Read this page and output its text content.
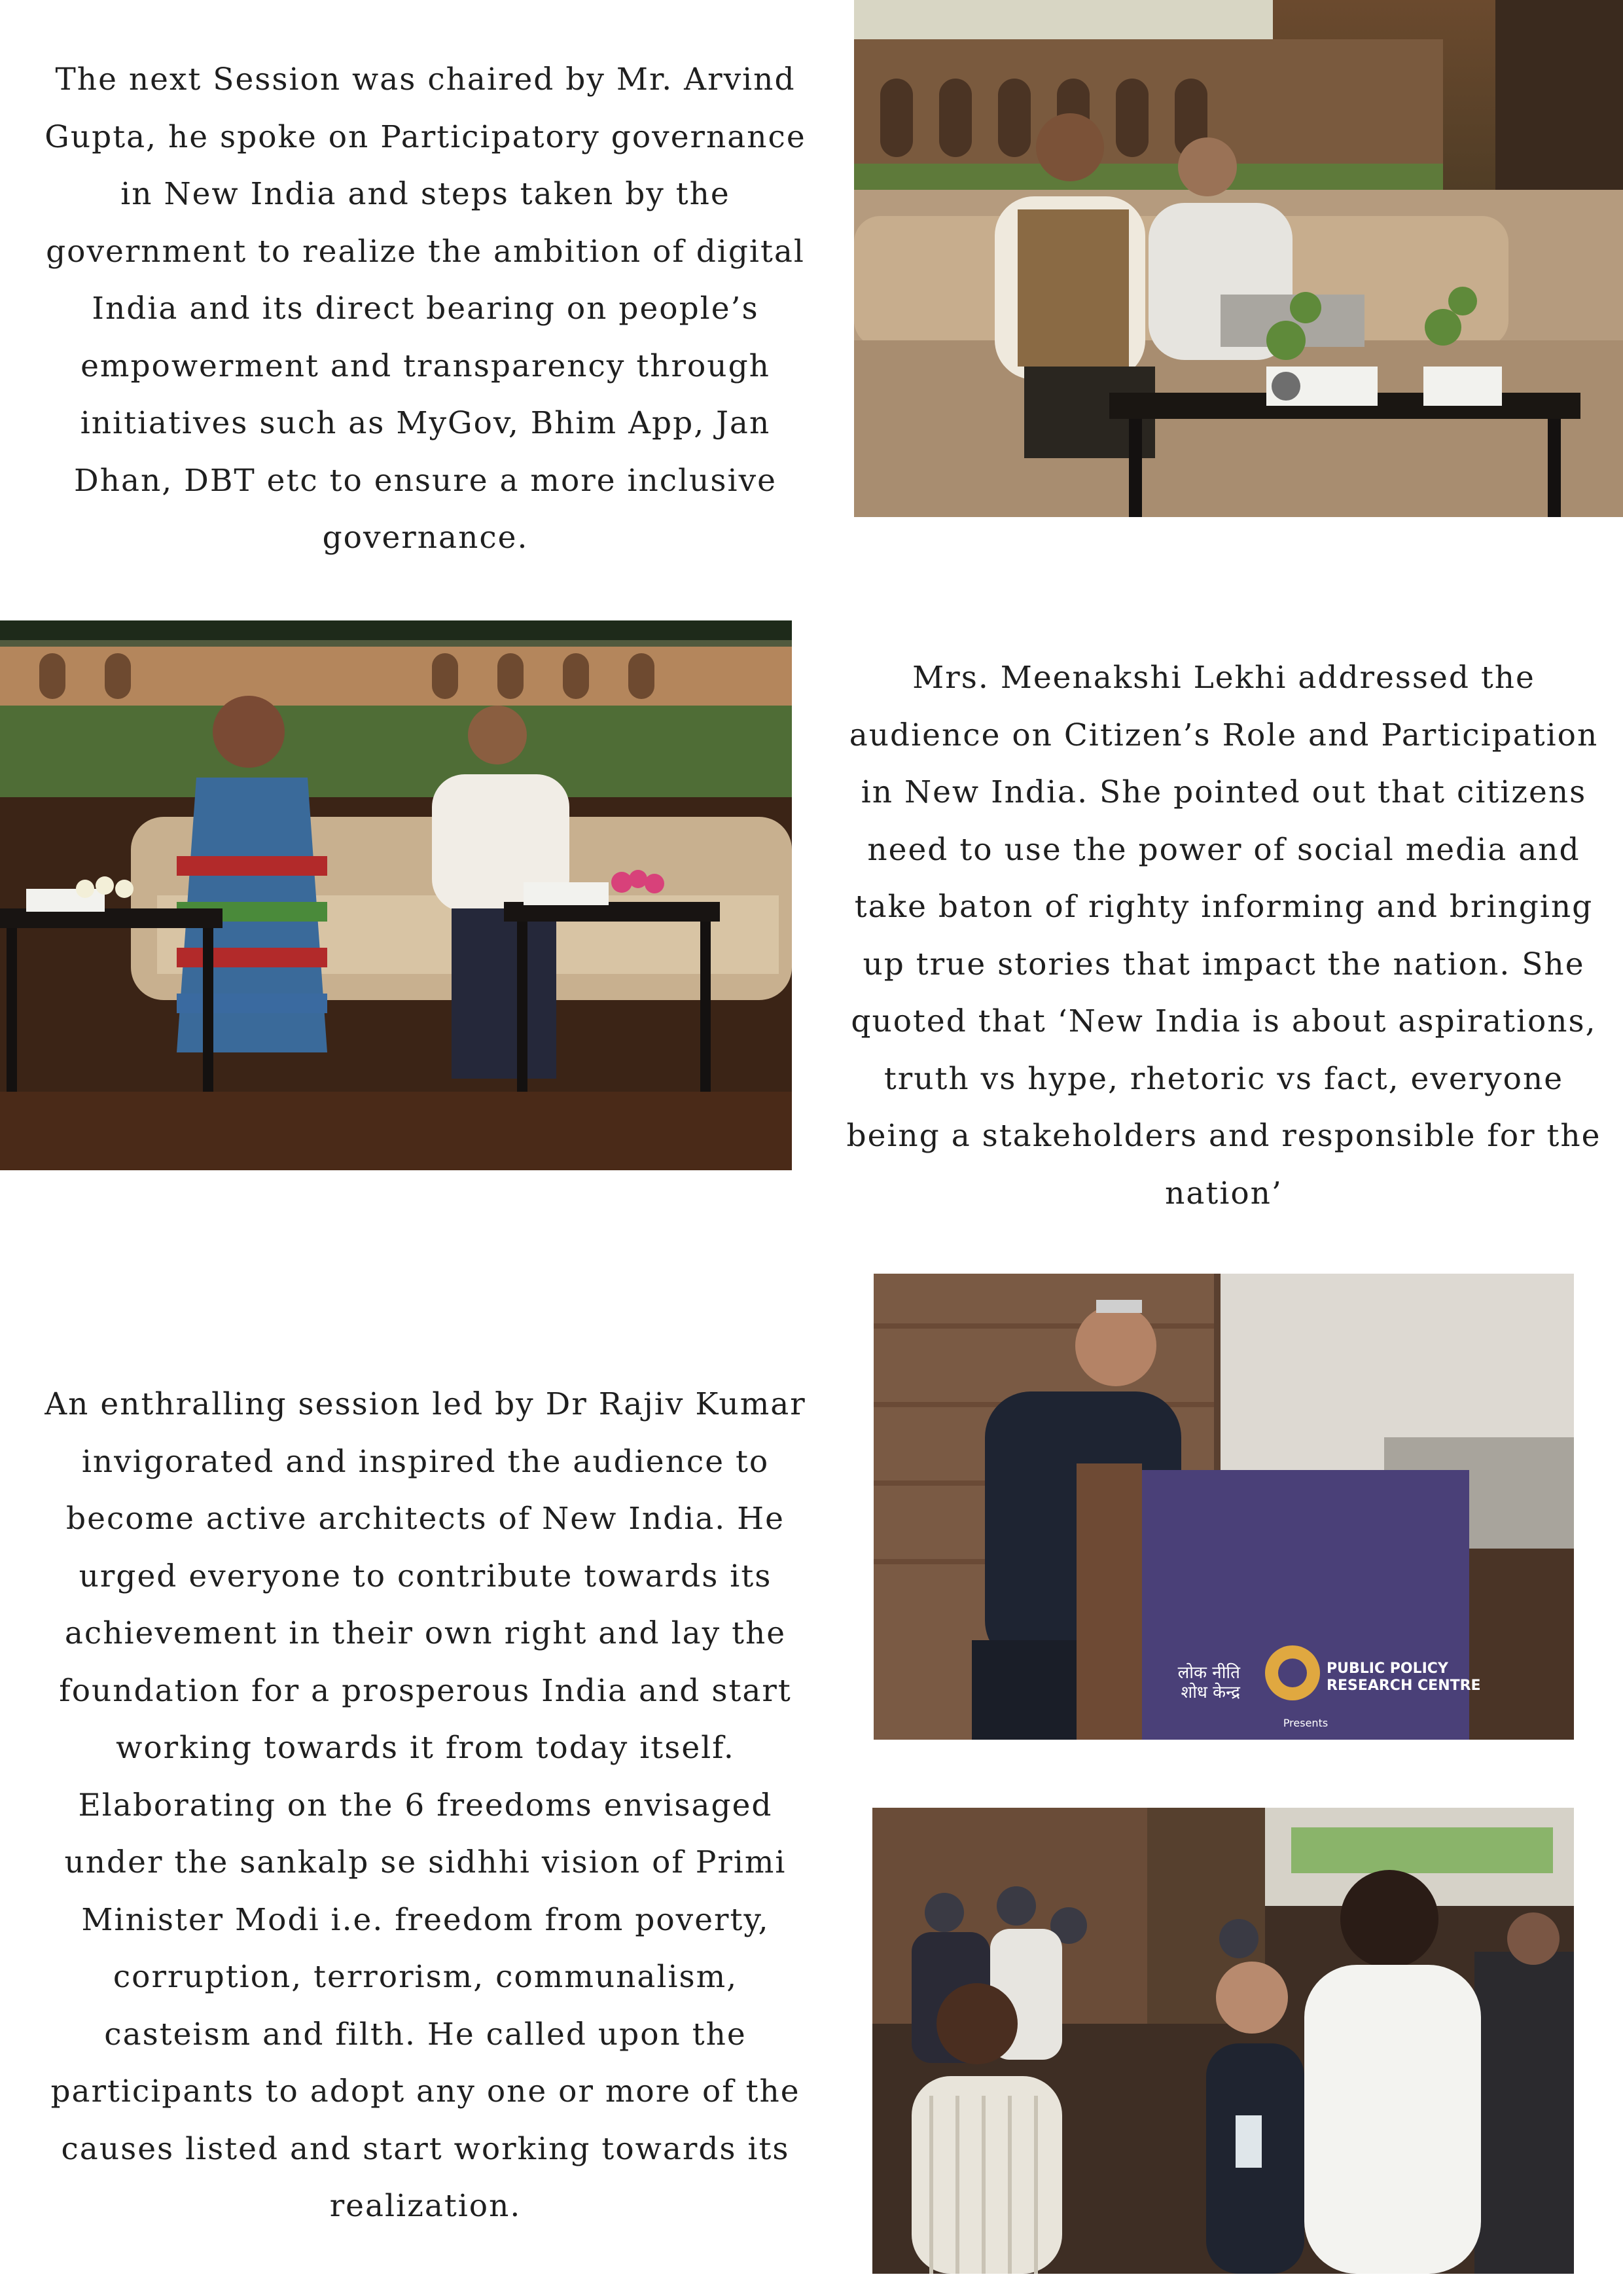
The next Session was chaired by Mr. Arvind Gupta, he spoke on Participatory governance in New India and steps taken by the government to realize the ambition of digital India and its direct bearing on people’s empowerment and transparency through initiatives such as MyGov, Bhim App, Jan Dhan, DBT etc to ensure a more inclusive governance.

Mrs. Meenakshi Lekhi addressed the audience on Citizen’s Role and Participation in New India. She pointed out that citizens need to use the power of social media and take baton of righty informing and bringing up true stories that impact the nation. She quoted that ‘New India is about aspirations, truth vs hype, rhetoric vs fact, everyone being a stakeholders and responsible for the nation’

An enthralling session led by Dr Rajiv Kumar invigorated and inspired the audience to become active architects of New India. He urged everyone to contribute towards its achievement in their own right and lay the foundation for a prosperous India and start working towards it from today itself.

Elaborating on the 6 freedoms envisaged under the sankalp se sidhhi vision of Primi Minister Modi i.e. freedom from poverty, corruption, terrorism, communalism, casteism and filth. He called upon the participants to adopt any one or more of the causes listed and start working towards its realization.

लोक नीति
शोध केन्द्र
PUBLIC POLICY
RESEARCH CENTRE
Presents
